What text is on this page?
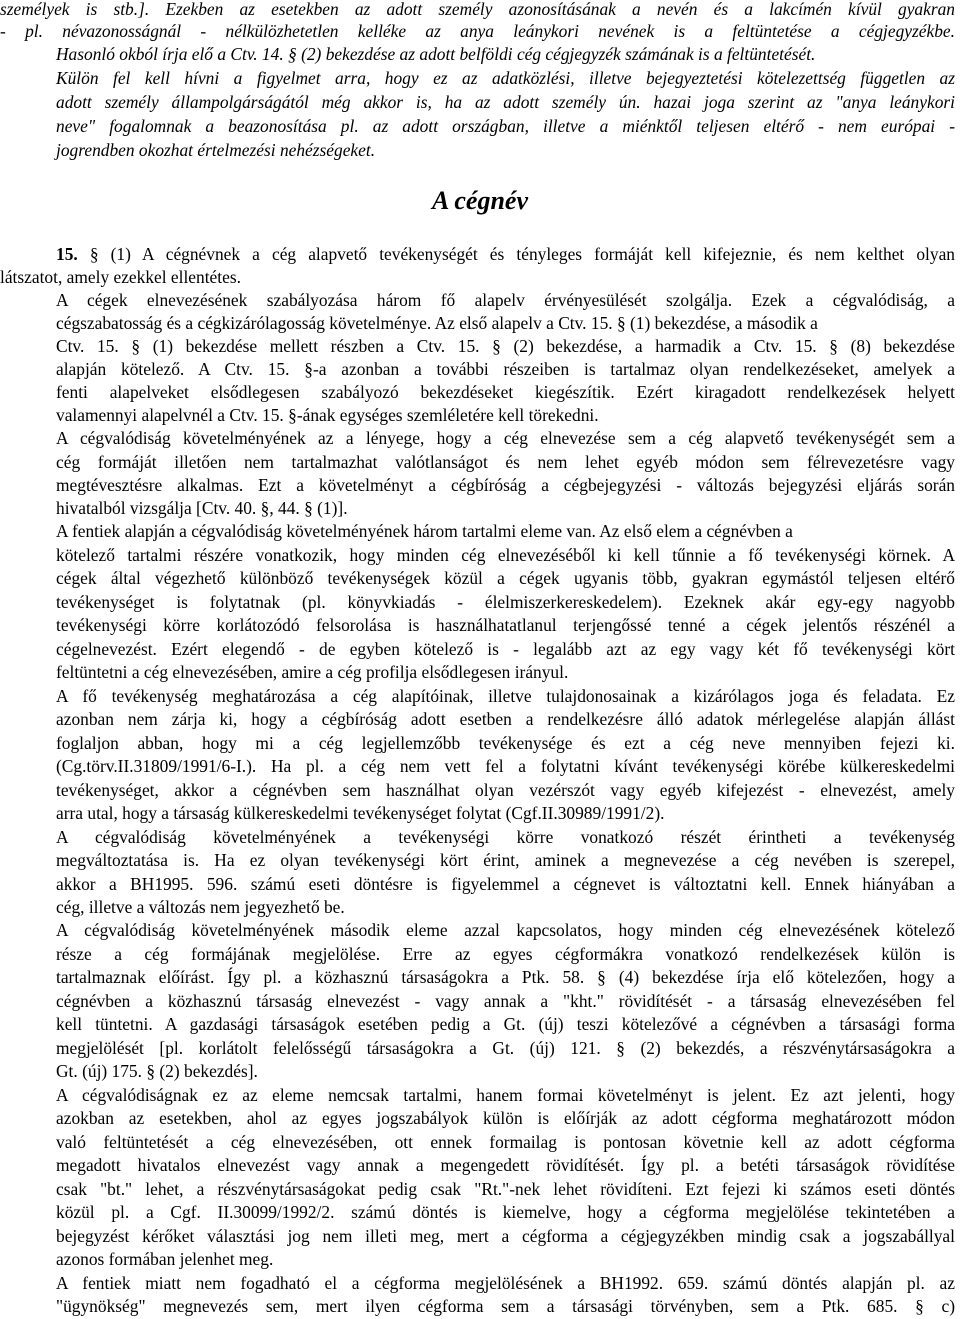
személyek is stb.]. Ezekben az esetekben az adott személy azonosításának a nevén és a lakcímén kívül gyakran
- pl. névazonosságnál - nélkülözhetetlen kelléke az anya leánykori nevének is a feltüntetése a cégjegyzékbe.
Hasonló okból írja elő a Ctv. 14. § (2) bekezdése az adott belföldi cég cégjegyzék számának is a feltüntetését.
Külön fel kell hívni a figyelmet arra, hogy ez az adatközlési, illetve bejegyeztetési kötelezettség független az
adott személy állampolgárságától még akkor is, ha az adott személy ún. hazai joga szerint az "anya leánykori
neve" fogalomnak a beazonosítása pl. az adott országban, illetve a miénktől teljesen eltérő - nem európai -
jogrendben okozhat értelmezési nehézségeket.
A cégnév
15. § (1) A cégnévnek a cég alapvető tevékenységét és tényleges formáját kell kifejeznie, és nem kelthet olyan
látszatot, amely ezekkel ellentétes.
A cégek elnevezésének szabályozása három fő alapelv érvényesülését szolgálja. Ezek a cégvalódiság, a
cégszabatosság és a cégkizárólagosság követelménye. Az első alapelv a Ctv. 15. § (1) bekezdése, a második a
Ctv. 15. § (1) bekezdése mellett részben a Ctv. 15. § (2) bekezdése, a harmadik a Ctv. 15. § (8) bekezdése
alapján kötelező. A Ctv. 15. §-a azonban a további részeiben is tartalmaz olyan rendelkezéseket, amelyek a
fenti alapelveket elsődlegesen szabályozó bekezdéseket kiegészítik. Ezért kiragadott rendelkezések helyett
valamennyi alapelvnél a Ctv. 15. §-ának egységes szemléletére kell törekedni.
A cégvalódiság követelményének az a lényege, hogy a cég elnevezése sem a cég alapvető tevékenységét sem a
cég formáját illetően nem tartalmazhat valótlanságot és nem lehet egyéb módon sem félrevezetésre vagy
megtévesztésre alkalmas. Ezt a követelményt a cégbíróság a cégbejegyzési - változás bejegyzési eljárás során
hivatalból vizsgálja [Ctv. 40. §, 44. § (1)].
A fentiek alapján a cégvalódiság követelményének három tartalmi eleme van. Az első elem a cégnévben a
kötelező tartalmi részére vonatkozik, hogy minden cég elnevezéséből ki kell tűnnie a fő tevékenységi körnek. A
cégek által végezhető különböző tevékenységek közül a cégek ugyanis több, gyakran egymástól teljesen eltérő
tevékenységet is folytatnak (pl. könyvkiadás - élelmiszerkereskedelem). Ezeknek akár egy-egy nagyobb
tevékenységi körre korlátozódó felsorolása is használhatatlanul terjengőssé tenné a cégek jelentős részénél a
cégelnevezést. Ezért elegendő - de egyben kötelező is - legalább azt az egy vagy két fő tevékenységi kört
feltüntetni a cég elnevezésében, amire a cég profilja elsődlegesen irányul.
A fő tevékenység meghatározása a cég alapítóinak, illetve tulajdonosainak a kizárólagos joga és feladata. Ez
azonban nem zárja ki, hogy a cégbíróság adott esetben a rendelkezésre álló adatok mérlegelése alapján állást
foglaljon abban, hogy mi a cég legjellemzőbb tevékenysége és ezt a cég neve mennyiben fejezi ki.
(Cg.törv.II.31809/1991/6-I.). Ha pl. a cég nem vett fel a folytatni kívánt tevékenységi körébe külkereskedelmi
tevékenységet, akkor a cégnévben sem használhat olyan vezérszót vagy egyéb kifejezést - elnevezést, amely
arra utal, hogy a társaság külkereskedelmi tevékenységet folytat (Cgf.II.30989/1991/2).
A cégvalódiság követelményének a tevékenységi körre vonatkozó részét érintheti a tevékenység
megváltoztatása is. Ha ez olyan tevékenységi kört érint, aminek a megnevezése a cég nevében is szerepel,
akkor a BH1995. 596. számú eseti döntésre is figyelemmel a cégnevet is változtatni kell. Ennek hiányában a
cég, illetve a változás nem jegyezhető be.
A cégvalódiság követelményének második eleme azzal kapcsolatos, hogy minden cég elnevezésének kötelező
része a cég formájának megjelölése. Erre az egyes cégformákra vonatkozó rendelkezések külön is
tartalmaznak előírást. Így pl. a közhasznú társaságokra a Ptk. 58. § (4) bekezdése írja elő kötelezően, hogy a
cégnévben a közhasznú társaság elnevezést - vagy annak a "kht." rövidítését - a társaság elnevezésében fel
kell tüntetni. A gazdasági társaságok esetében pedig a Gt. (új) teszi kötelezővé a cégnévben a társasági forma
megjelölését [pl. korlátolt felelősségű társaságokra a Gt. (új) 121. § (2) bekezdés, a részvénytársaságokra a
Gt. (új) 175. § (2) bekezdés].
A cégvalódiságnak ez az eleme nemcsak tartalmi, hanem formai követelményt is jelent. Ez azt jelenti, hogy
azokban az esetekben, ahol az egyes jogszabályok külön is előírják az adott cégforma meghatározott módon
való feltüntetését a cég elnevezésében, ott ennek formailag is pontosan követnie kell az adott cégforma
megadott hivatalos elnevezést vagy annak a megengedett rövidítését. Így pl. a betéti társaságok rövidítése
csak "bt." lehet, a részvénytársaságokat pedig csak "Rt."-nek lehet rövidíteni. Ezt fejezi ki számos eseti döntés
közül pl. a Cgf. II.30099/1992/2. számú döntés is kiemelve, hogy a cégforma megjelölése tekintetében a
bejegyzést kérőket választási jog nem illeti meg, mert a cégforma a cégjegyzékben mindig csak a jogszabállyal
azonos formában jelenhet meg.
A fentiek miatt nem fogadható el a cégforma megjelölésének a BH1992. 659. számú döntés alapján pl. az
"ügynökség" megnevezés sem, mert ilyen cégforma sem a társasági törvényben, sem a Ptk. 685. § c)
